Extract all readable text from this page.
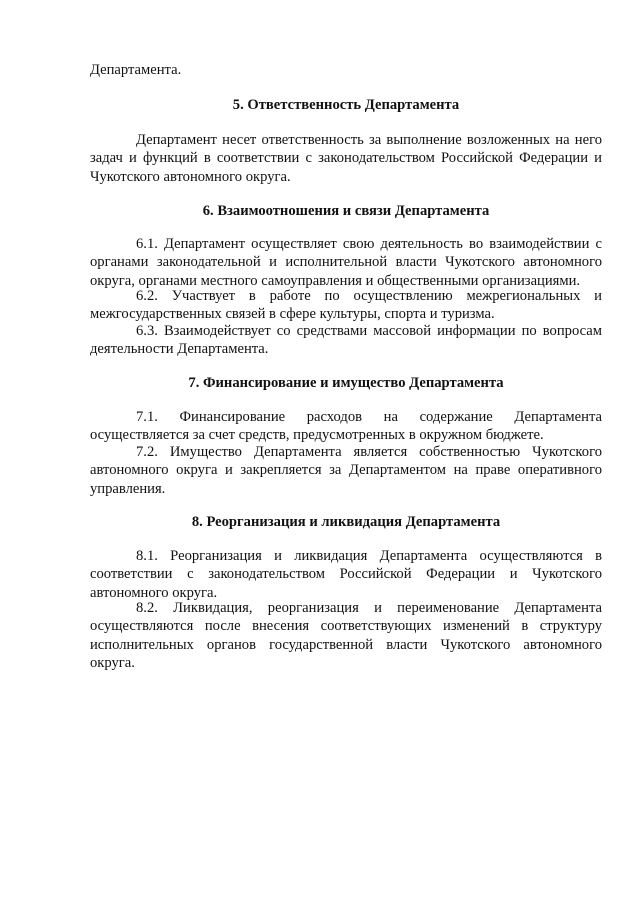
Департамента.

5. Ответственность Департамента

Департамент несет ответственность за выполнение возложенных на него задач и функций в соответствии с законодательством Российской Федерации и Чукотского автономного округа.

6. Взаимоотношения и связи Департамента

6.1. Департамент осуществляет свою деятельность во взаимодействии с органами законодательной и исполнительной власти Чукотского автономного округа, органами местного самоуправления и общественными организациями.

6.2. Участвует в работе по осуществлению межрегиональных и межгосударственных связей в сфере культуры, спорта и туризма.

6.3. Взаимодействует со средствами массовой информации по вопросам деятельности Департамента.

7. Финансирование и имущество Департамента

7.1. Финансирование расходов на содержание Департамента осуществляется за счет средств, предусмотренных в окружном бюджете.

7.2. Имущество Департамента является собственностью Чукотского автономного округа и закрепляется за Департаментом на праве оперативного управления.

8. Реорганизация и ликвидация Департамента

8.1. Реорганизация и ликвидация Департамента осуществляются в соответствии с законодательством Российской Федерации и Чукотского автономного округа.

8.2. Ликвидация, реорганизация и переименование Департамента осуществляются после внесения соответствующих изменений в структуру исполнительных органов государственной власти Чукотского автономного округа.
